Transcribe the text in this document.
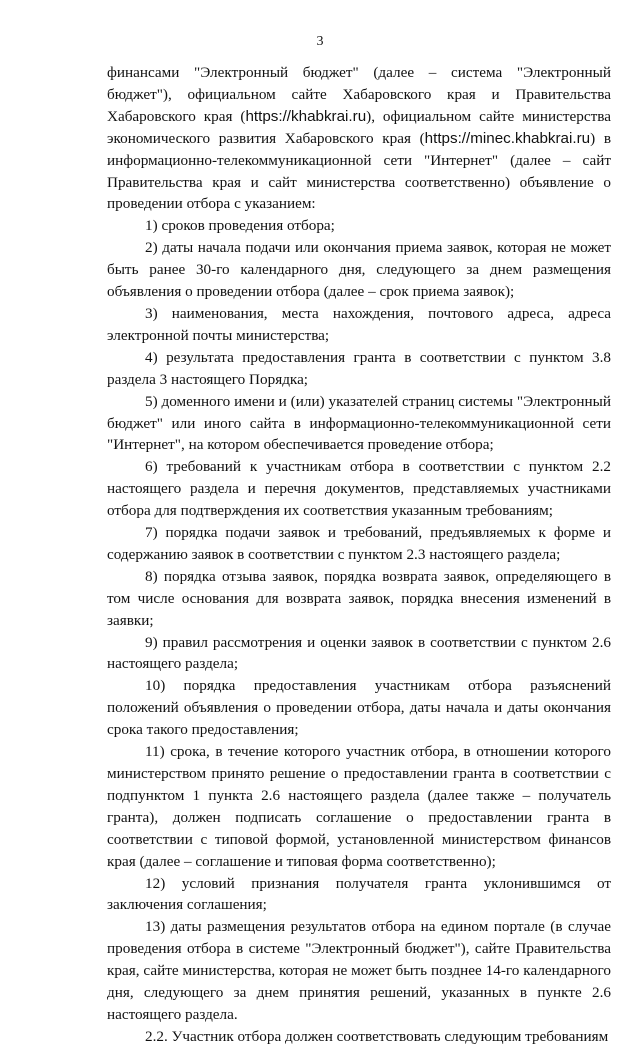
3

финансами "Электронный бюджет" (далее – система "Электронный бюджет"), официальном сайте Хабаровского края и Правительства Хабаровского края (https://khabkrai.ru), официальном сайте министерства экономического развития Хабаровского края (https://minec.khabkrai.ru) в информационно-телекоммуникационной сети "Интернет" (далее – сайт Правительства края и сайт министерства соответственно) объявление о проведении отбора с указанием:

1) сроков проведения отбора;

2) даты начала подачи или окончания приема заявок, которая не может быть ранее 30-го календарного дня, следующего за днем размещения объявления о проведении отбора (далее – срок приема заявок);

3) наименования, места нахождения, почтового адреса, адреса электронной почты министерства;

4) результата предоставления гранта в соответствии с пунктом 3.8 раздела 3 настоящего Порядка;

5) доменного имени и (или) указателей страниц системы "Электронный бюджет" или иного сайта в информационно-телекоммуникационной сети "Интернет", на котором обеспечивается проведение отбора;

6) требований к участникам отбора в соответствии с пунктом 2.2 настоящего раздела и перечня документов, представляемых участниками отбора для подтверждения их соответствия указанным требованиям;

7) порядка подачи заявок и требований, предъявляемых к форме и содержанию заявок в соответствии с пунктом 2.3 настоящего раздела;

8) порядка отзыва заявок, порядка возврата заявок, определяющего в том числе основания для возврата заявок, порядка внесения изменений в заявки;

9) правил рассмотрения и оценки заявок в соответствии с пунктом 2.6 настоящего раздела;

10) порядка предоставления участникам отбора разъяснений положений объявления о проведении отбора, даты начала и даты окончания срока такого предоставления;

11) срока, в течение которого участник отбора, в отношении которого министерством принято решение о предоставлении гранта в соответствии с подпунктом 1 пункта 2.6 настоящего раздела (далее также – получатель гранта), должен подписать соглашение о предоставлении гранта в соответствии с типовой формой, установленной министерством финансов края (далее – соглашение и типовая форма соответственно);

12) условий признания получателя гранта уклонившимся от заключения соглашения;

13) даты размещения результатов отбора на едином портале (в случае проведения отбора в системе "Электронный бюджет"), сайте Правительства края, сайте министерства, которая не может быть позднее 14-го календарного дня, следующего за днем принятия решений, указанных в пункте 2.6 настоящего раздела.

2.2. Участник отбора должен соответствовать следующим требованиям
